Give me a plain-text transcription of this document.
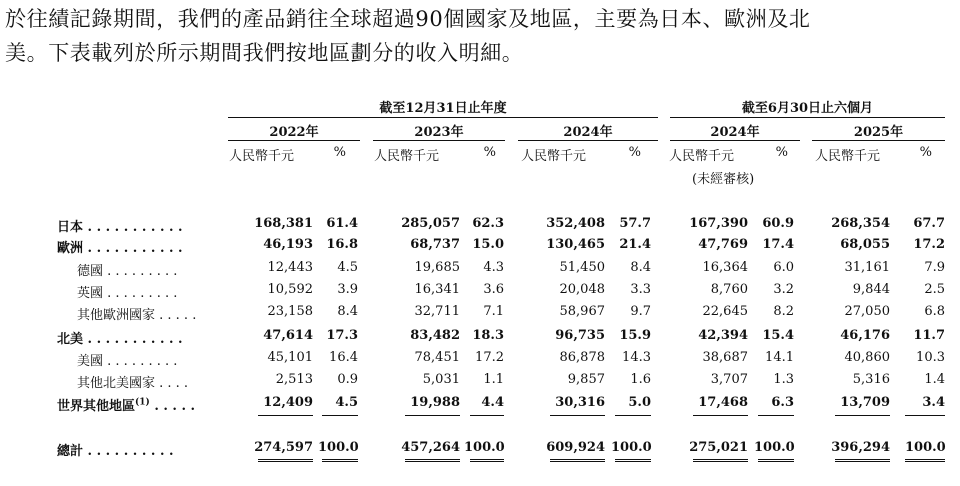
於往績記錄期間，我們的產品銷往全球超過90個國家及地區，主要為日本、歐洲及北
美。下表載列於所示期間我們按地區劃分的收入明細。
截至12月31日止年度	截至6月30日止六個月
2022年	2023年	2024年	2024年	2025年
人民幣千元	% 人民幣千元	% 人民幣千元	% 人民幣千元	% 人民幣千元	%
(未經審核)
日本 . . . . . . . . . . .	168,381	61.4	285,057 62.3	352,408	57.7	167,390	60.9	268,354	67.7
歐洲 . . . . . . . . . . .	46,193	16.8	68,737 15.0	130,465	21.4	47,769	17.4	68,055	17.2
德國 . . . . . . . . .	12,443	4.5	19,685	4.3	51,450	8.4	16,364	6.0	31,161	7.9
英國 . . . . . . . . .	10,592	3.9	16,341	3.6	20,048	3.3	8,760	3.2	9,844	2.5
其他歐洲國家 . . . . .	23,158	8.4	32,711	7.1	58,967	9.7	22,645	8.2	27,050	6.8
北美 . . . . . . . . . . .	47,614	17.3	83,482 18.3	96,735	15.9	42,394	15.4	46,176	11.7
美國 . . . . . . . . .	45,101	16.4	78,451	17.2	86,878	14.3	38,687	14.1	40,860	10.3
其他北美國家 . . . .	2,513	0.9	5,031	1.1	9,857	1.6	3,707	1.3	5,316	1.4
世界其他地區$^{(1)}$ . . . . .	12,409	4.5	19,988	4.4	30,316	5.0	17,468	6.3	13,709	3.4
總計 . . . . . . . . . .	274,597 100.0	457,264 100.0	609,924 100.0	275,021 100.0	396,294 100.0
